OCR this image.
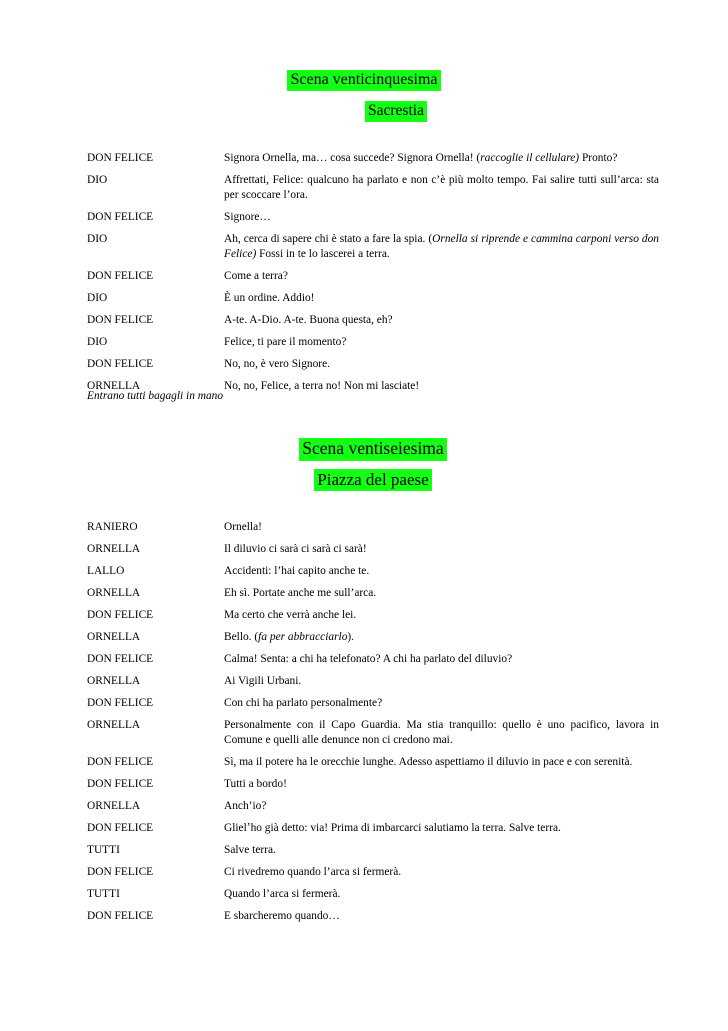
Scena venticinquesima
Sacrestia
DON FELICE	Signora Ornella, ma… cosa succede? Signora Ornella! (raccoglie il cellulare) Pronto?
DIO	Affrettati, Felice: qualcuno ha parlato e non c’è più molto tempo. Fai salire tutti sull’arca: sta per scoccare l’ora.
DON FELICE	Signore…
DIO	Ah, cerca di sapere chi è stato a fare la spia. (Ornella si riprende e cammina carponi verso don Felice) Fossi in te lo lascerei a terra.
DON FELICE	Come a terra?
DIO	È un ordine. Addio!
DON FELICE	A-te. A-Dio. A-te. Buona questa, eh?
DIO	Felice, ti pare il momento?
DON FELICE	No, no, è vero Signore.
ORNELLA	No, no, Felice, a terra no! Non mi lasciate!
Entrano tutti bagagli in mano
Scena ventiseiesima
Piazza del paese
RANIERO	Ornella!
ORNELLA	Il diluvio ci sarà ci sarà ci sarà!
LALLO	Accidenti: l’hai capito anche te.
ORNELLA	Eh sì. Portate anche me sull’arca.
DON FELICE	Ma certo che verrà anche lei.
ORNELLA	Bello. (fa per abbracciarlo).
DON FELICE	Calma! Senta: a chi ha telefonato? A chi ha parlato del diluvio?
ORNELLA	Ai Vigili Urbani.
DON FELICE	Con chi ha parlato personalmente?
ORNELLA	Personalmente con il Capo Guardia. Ma stia tranquillo: quello è uno pacifico, lavora in Comune e quelli alle denunce non ci credono mai.
DON FELICE	Sì, ma il potere ha le orecchie lunghe. Adesso aspettiamo il diluvio in pace e con serenità.
DON FELICE	Tutti a bordo!
ORNELLA	Anch’io?
DON FELICE	Glielʼho già detto: via! Prima di imbarcarci salutiamo la terra. Salve terra.
TUTTI	Salve terra.
DON FELICE	Ci rivedremo quando l’arca si fermerà.
TUTTI	Quando l’arca si fermerà.
DON FELICE	E sbarcheremo quando…
